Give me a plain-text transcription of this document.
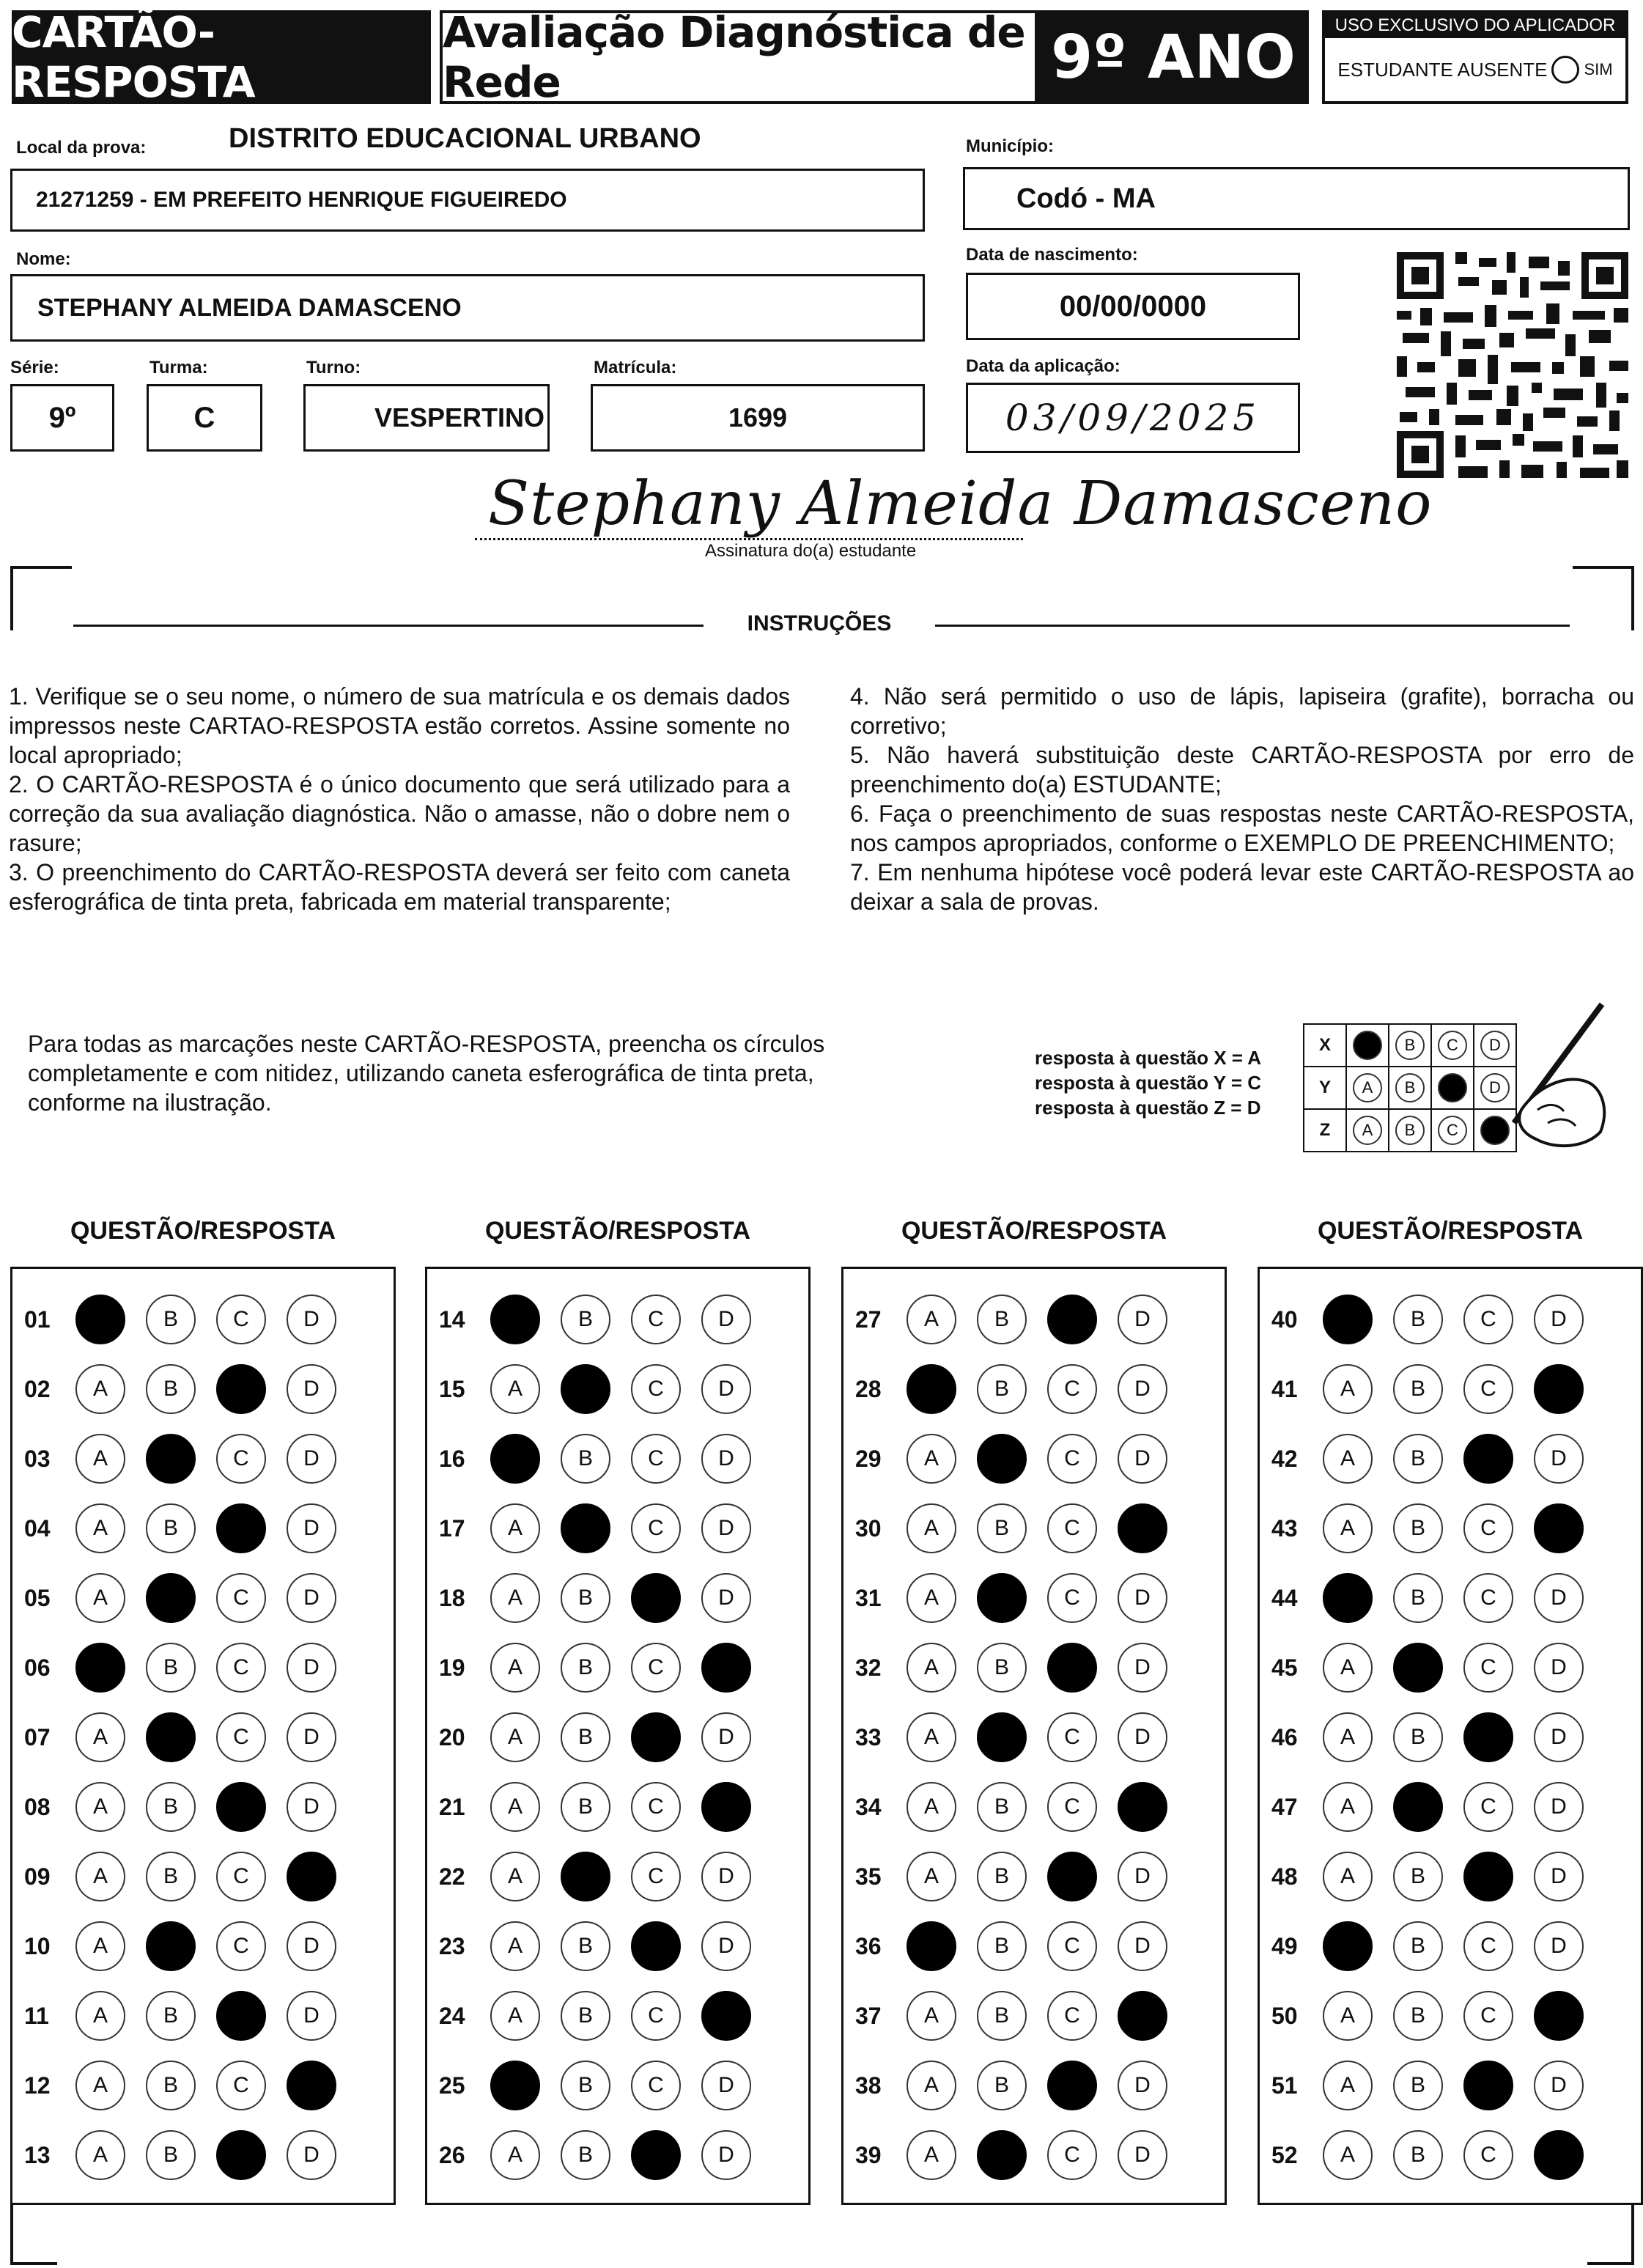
CARTÃO-RESPOSTA
Avaliação Diagnóstica de Rede	9º ANO	USO EXCLUSIVO DO APLICADOR
ESTUDANTE AUSENTE SIM
Local da prova:	DISTRITO EDUCACIONAL URBANO
21271259 - EM PREFEITO HENRIQUE FIGUEIREDO
Município:
Codó - MA
Nome:
STEPHANY ALMEIDA DAMASCENO
Data de nascimento:
00/00/0000
Série:
9º
Turma:
C
Turno:
VESPERTINO
Matrícula:
1699
Data da aplicação:
03/09/2025
Stephany Almeida Damasceno
Assinatura do(a) estudante
INSTRUÇÕES

1. Verifique se o seu nome, o número de sua matrícula e os demais dados impressos neste CARTAO-RESPOSTA estão corretos. Assine somente no local apropriado;

2. O CARTÃO-RESPOSTA é o único documento que será utilizado para a correção da sua avaliação diagnóstica. Não o amasse, não o dobre nem o rasure;

3. O preenchimento do CARTÃO-RESPOSTA deverá ser feito com caneta esferográfica de tinta preta, fabricada em material transparente;

4. Não será permitido o uso de lápis, lapiseira (grafite), borracha ou corretivo;

5. Não haverá substituição deste CARTÃO-RESPOSTA por erro de preenchimento do(a) ESTUDANTE;

6. Faça o preenchimento de suas respostas neste CARTÃO-RESPOSTA, nos campos apropriados, conforme o EXEMPLO DE PREENCHIMENTO;

7. Em nenhuma hipótese você poderá levar este CARTÃO-RESPOSTA ao deixar a sala de provas.

Para todas as marcações neste CARTÃO-RESPOSTA, preencha os círculos completamente e com nitidez, utilizando caneta esferográfica de tinta preta, conforme na ilustração.
resposta à questão X = A
resposta à questão Y = C
resposta à questão Z = D
X		B	C	D
Y	A	B		D
Z	A	B	C	
QUESTÃO/RESPOSTA
01	B	C	D
02	A	B	D
03	A	C	D
04	A	B	D
05	A	C	D
06	B	C	D
07	A	C	D
08	A	B	D
09	A	B	C
10	A	C	D
11	A	B	D
12	A	B	C
13	A	B	D
QUESTÃO/RESPOSTA
14	B	C	D
15	A	C	D
16	B	C	D
17	A	C	D
18	A	B	D
19	A	B	C
20	A	B	D
21	A	B	C
22	A	C	D
23	A	B	D
24	A	B	C
25	B	C	D
26	A	B	D
QUESTÃO/RESPOSTA
27	A	B	D
28	B	C	D
29	A	C	D
30	A	B	C
31	A	C	D
32	A	B	D
33	A	C	D
34	A	B	C
35	A	B	D
36	B	C	D
37	A	B	C
38	A	B	D
39	A	C	D
QUESTÃO/RESPOSTA
40	B	C	D
41	A	B	C
42	A	B	D
43	A	B	C
44	B	C	D
45	A	C	D
46	A	B	D
47	A	C	D
48	A	B	D
49	B	C	D
50	A	B	C
51	A	B	D
52	A	B	C
